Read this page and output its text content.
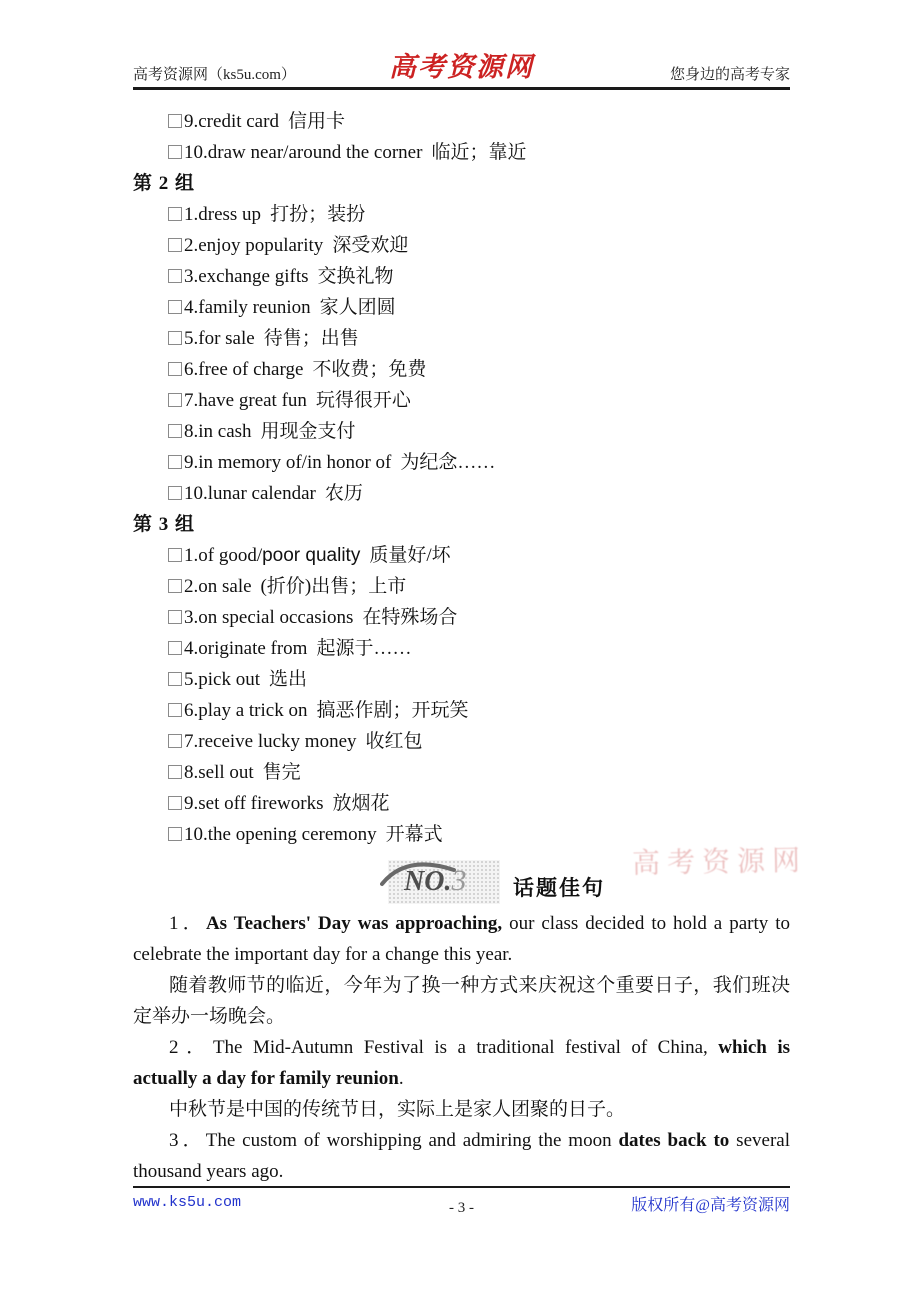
高考资源网（ks5u.com）	高考资源网	您身边的高考专家
9.credit card 信用卡
10.draw near/around the corner 临近；靠近
第 2 组
1.dress up 打扮；装扮
2.enjoy popularity 深受欢迎
3.exchange gifts 交换礼物
4.family reunion 家人团圆
5.for sale 待售；出售
6.free of charge 不收费；免费
7.have great fun 玩得很开心
8.in cash 用现金支付
9.in memory of/in honor of 为纪念……
10.lunar calendar 农历
第 3 组
1.of good/poor quality 质量好/坏
2.on sale (折价)出售；上市
3.on special occasions 在特殊场合
4.originate from 起源于……
5.pick out 选出
6.play a trick on 搞恶作剧；开玩笑
7.receive lucky money 收红包
8.sell out 售完
9.set off fireworks 放烟花
10.the opening ceremony 开幕式
NO.3 话题佳句

1．As Teachers' Day was approaching, our class decided to hold a party to celebrate the important day for a change this year.

随着教师节的临近，今年为了换一种方式来庆祝这个重要日子，我们班决定举办一场晚会。

2．The Mid-Autumn Festival is a traditional festival of China, which is actually a day for family reunion.

中秋节是中国的传统节日，实际上是家人团聚的日子。

3．The custom of worshipping and admiring the moon dates back to several thousand years ago.

高考资源网
www.ks5u.com	- 3 -	版权所有@高考资源网
